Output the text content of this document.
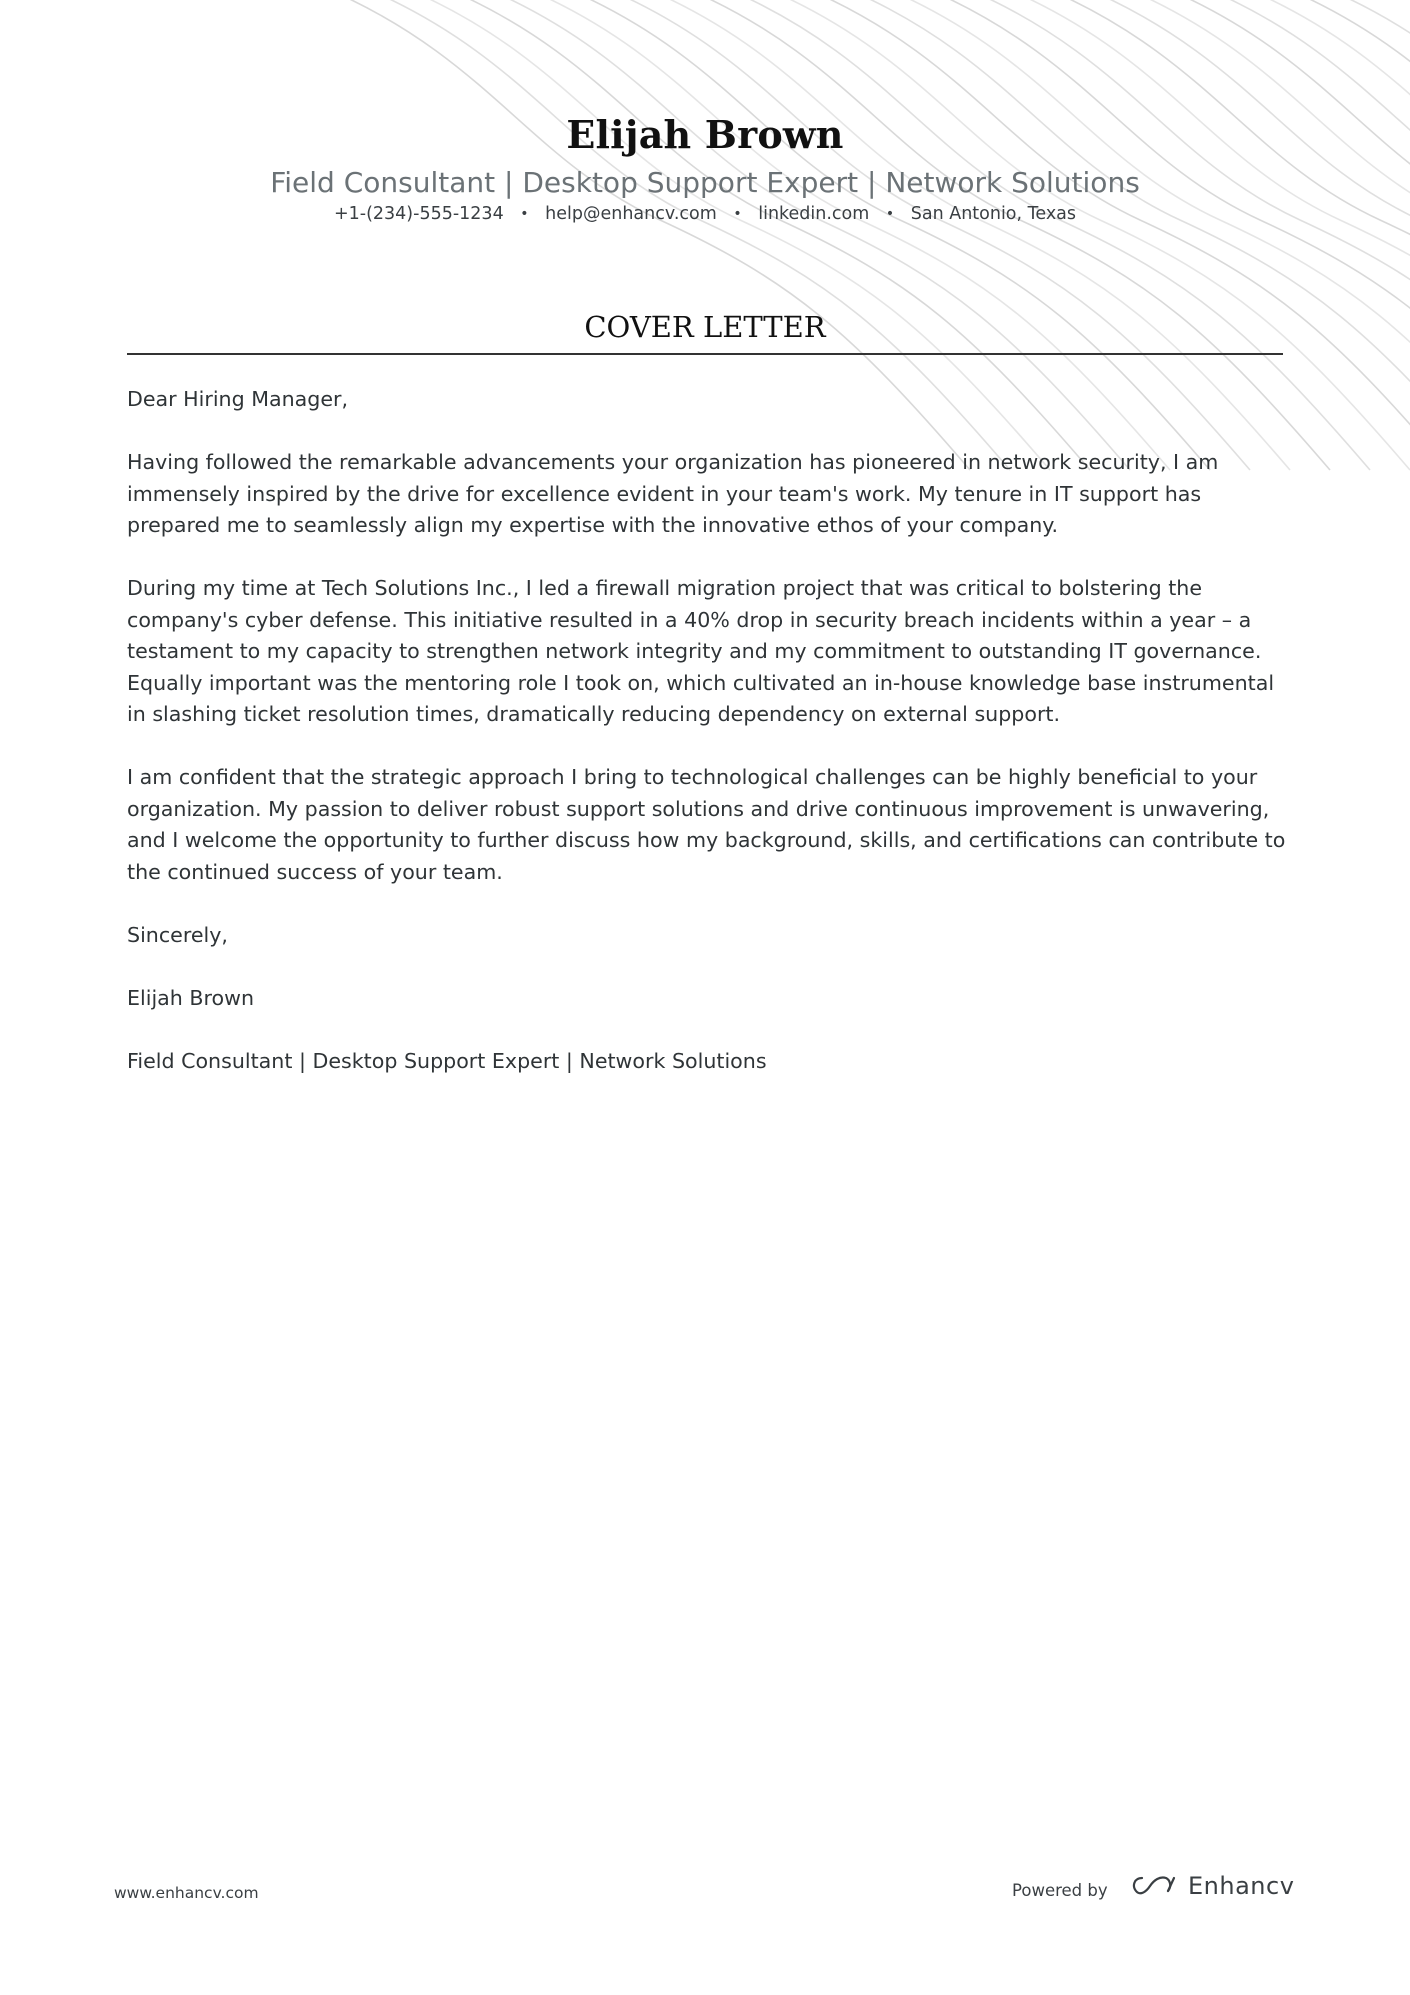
Elijah Brown
Field Consultant | Desktop Support Expert | Network Solutions
+1-(234)-555-1234 • help@enhancv.com • linkedin.com • San Antonio, Texas
COVER LETTER

Dear Hiring Manager,

Having followed the remarkable advancements your organization has pioneered in network security, I am immensely inspired by the drive for excellence evident in your team's work. My tenure in IT support has prepared me to seamlessly align my expertise with the innovative ethos of your company.

During my time at Tech Solutions Inc., I led a firewall migration project that was critical to bolstering the company's cyber defense. This initiative resulted in a 40% drop in security breach incidents within a year – a testament to my capacity to strengthen network integrity and my commitment to outstanding IT governance. Equally important was the mentoring role I took on, which cultivated an in-house knowledge base instrumental in slashing ticket resolution times, dramatically reducing dependency on external support.

I am confident that the strategic approach I bring to technological challenges can be highly beneficial to your organization. My passion to deliver robust support solutions and drive continuous improvement is unwavering, and I welcome the opportunity to further discuss how my background, skills, and certifications can contribute to the continued success of your team.

Sincerely,

Elijah Brown

Field Consultant | Desktop Support Expert | Network Solutions

www.enhancv.com	Powered by	Enhancv
